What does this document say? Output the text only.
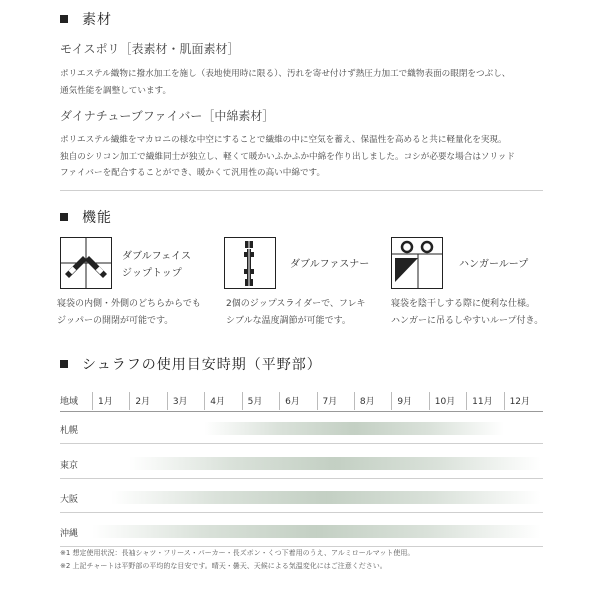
素材
モイスポリ［表素材・肌面素材］
ポリエステル織物に撥水加工を施し（表地使用時に限る）、汚れを寄せ付けず熱圧力加工で織物表面の眼閉をつぶし、
通気性能を調整しています。
ダイナチューブファイバー［中綿素材］
ポリエステル繊維をマカロニの様な中空にすることで繊維の中に空気を蓄え、保温性を高めると共に軽量化を実現。
独自のシリコン加工で繊維同士が独立し、軽くて暖かいふかふか中綿を作り出しました。コシが必要な場合はソリッド
ファイバーを配合することができ、暖かくて汎用性の高い中綿です。
機能
ダブルフェイス
ジップトップ
寝袋の内側・外側のどちらからでも
ジッパーの開閉が可能です。
ダブルファスナー
2個のジップスライダーで、フレキ
シブルな温度調節が可能です。
ハンガーループ
寝袋を陰干しする際に便利な仕様。
ハンガーに吊るしやすいループ付き。
シュラフの使用目安時期（平野部）
地域 1月	2月	3月	4月	5月	6月	7月	8月	9月	10月 11月 12月
札幌
東京
大阪
沖縄
※1 想定使用状況：長袖シャツ・フリース・パーカー・長ズボン・くつ下着用のうえ、アルミロールマット使用。
※2 上記チャートは平野部の平均的な目安です。晴天・曇天、天候による気温変化にはご注意ください。
